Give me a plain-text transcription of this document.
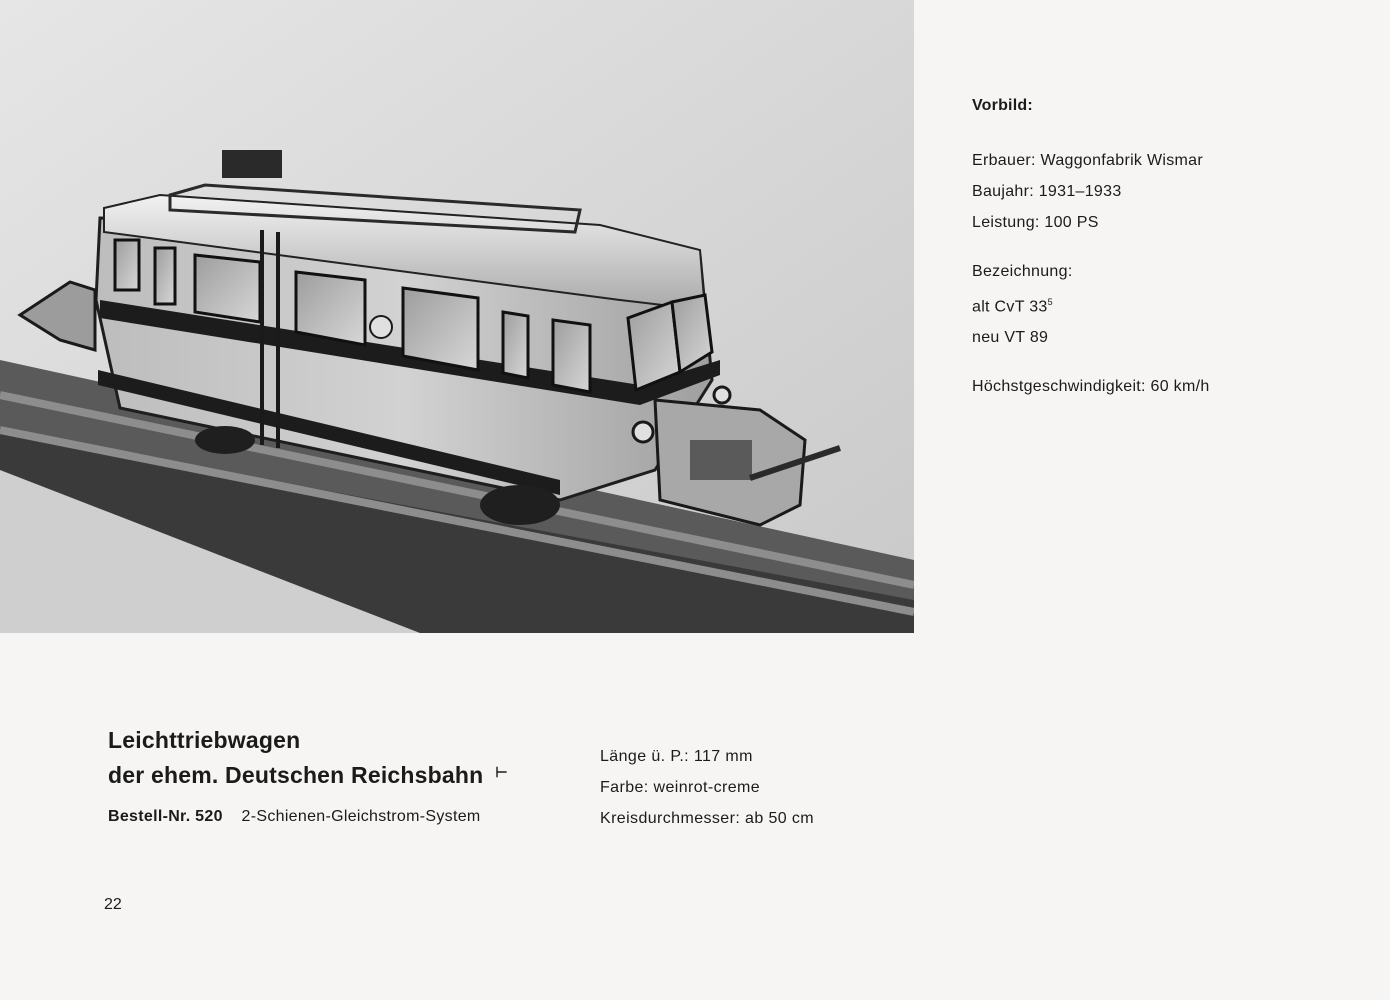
Vorbild:
Erbauer: Waggonfabrik Wismar
Baujahr: 1931–1933
Leistung: 100 PS
Bezeichnung:
alt CvT $33^5$
neu VT 89
Höchstgeschwindigkeit: 60 km/h
Leichttriebwagen
der ehem. Deutschen Reichsbahn ⊢
Bestell-Nr. 520 2-Schienen-Gleichstrom-System
Länge ü. P.: 117 mm
Farbe: weinrot-creme
Kreisdurchmesser: ab 50 cm
22
